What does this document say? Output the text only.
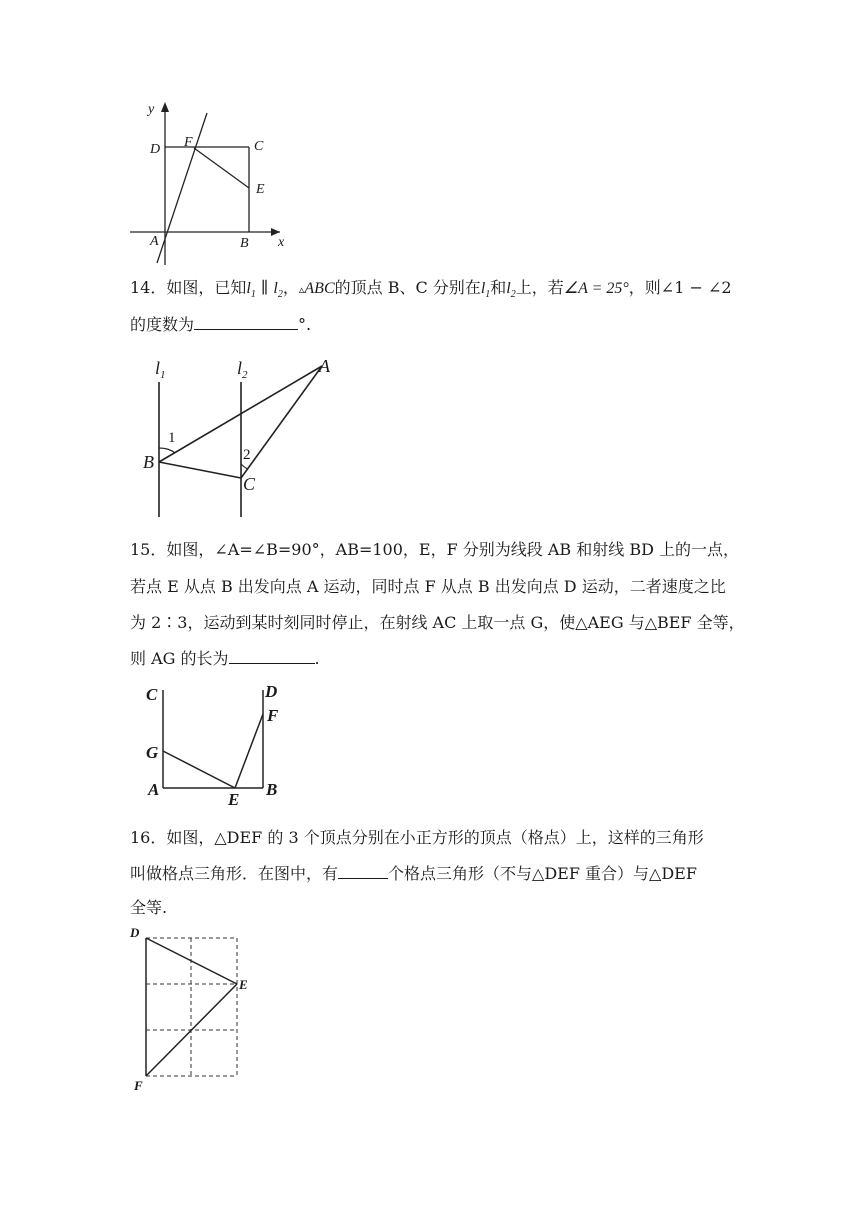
y
x
D F	C
E
A	B
14．如图，已知$l_1$ ∥ $l_2$，▵ABC的顶点 B、C 分别在$l_1$和$l_2$上，若∠A = 25°，则∠1 − ∠2
的度数为	°.
$l_1$	$l_2$	A
B
C
1
2
15．如图，∠A=∠B=90°，AB=100，E，F 分别为线段 AB 和射线 BD 上的一点，
若点 E 从点 B 出发向点 A 运动，同时点 F 从点 B 出发向点 D 运动，二者速度之比
为 2∶3，运动到某时刻同时停止，在射线 AC 上取一点 G，使△AEG 与△BEF 全等，
则 AG 的长为	.
C	D
F
G
A
E
B
16．如图，△DEF 的 3 个顶点分别在小正方形的顶点（格点）上，这样的三角形
叫做格点三角形．在图中，有	个格点三角形（不与△DEF 重合）与△DEF
全等.
D
E
F
